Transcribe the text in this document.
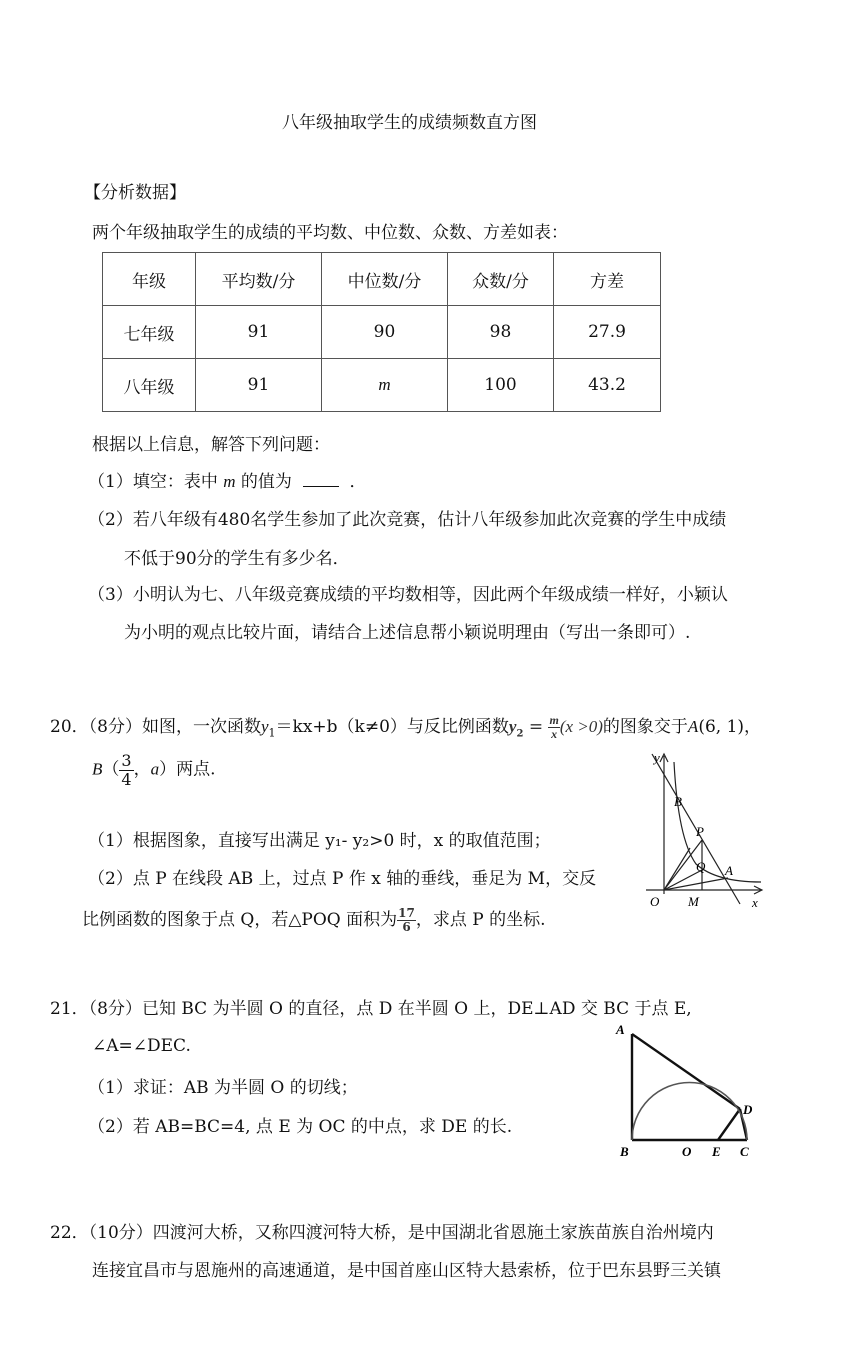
八年级抽取学生的成绩频数直方图
【分析数据】
两个年级抽取学生的成绩的平均数、中位数、众数、方差如表：
年级	平均数/分	中位数/分	众数/分	方差
七年级	91	90	98	27.9
八年级	91	m	100	43.2
根据以上信息，解答下列问题：
（1）填空：表中 m 的值为	．
（2）若八年级有480名学生参加了此次竞赛，估计八年级参加此次竞赛的学生中成绩
不低于90分的学生有多少名．
（3）小明认为七、八年级竞赛成绩的平均数相等，因此两个年级成绩一样好，小颖认
为小明的观点比较片面，请结合上述信息帮小颖说明理由（写出一条即可）.
20．（8分）如图，一次函数$y_1=kx+b(k\ne 0)$与反比例函数$y_2 = \frac{m}{x} (x >0)$的图象交于A(6, 1)，
$B( \frac{3}{4}$ ，a）两点.
（1）根据图象，直接写出满足 y₁- y₂>0 时，x 的取值范围；
（2）点 P 在线段 AB 上，过点 P 作 x 轴的垂线，垂足为 M，交反
比例函数的图象于点 Q，若△POQ 面积为 $\frac{17}{6}$ ，求点 P 的坐标.
y
x
O M
B
P
Q A
21．（8分）已知 BC 为半圆 O 的直径，点 D 在半圆 O 上，DE⊥AD 交 BC 于点 E,
∠A=∠DEC.
（1）求证：AB 为半圆 O 的切线；
（2）若 AB=BC=4, 点 E 为 OC 的中点，求 DE 的长.
A
B	O E C
D
22．（10分）四渡河大桥，又称四渡河特大桥，是中国湖北省恩施土家族苗族自治州境内
连接宜昌市与恩施州的高速通道，是中国首座山区特大悬索桥，位于巴东县野三关镇
